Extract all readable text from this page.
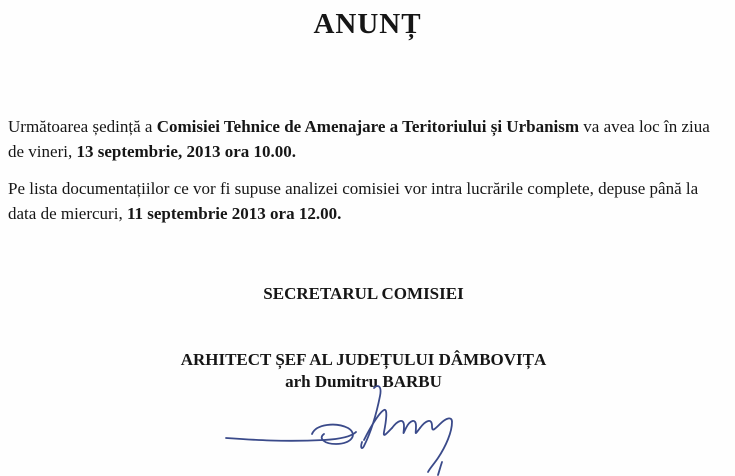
ANUNȚ

Următoarea ședință a Comisiei Tehnice de Amenajare a Teritoriului și Urbanism va avea loc în ziua de vineri, 13 septembrie, 2013 ora 10.00.

Pe lista documentațiilor ce vor fi supuse analizei comisiei vor intra lucrările complete, depuse până la data de miercuri, 11 septembrie 2013 ora 12.00.

SECRETARUL COMISIEI
ARHITECT ȘEF AL JUDEȚULUI DÂMBOVIȚA
arh Dumitru BARBU
